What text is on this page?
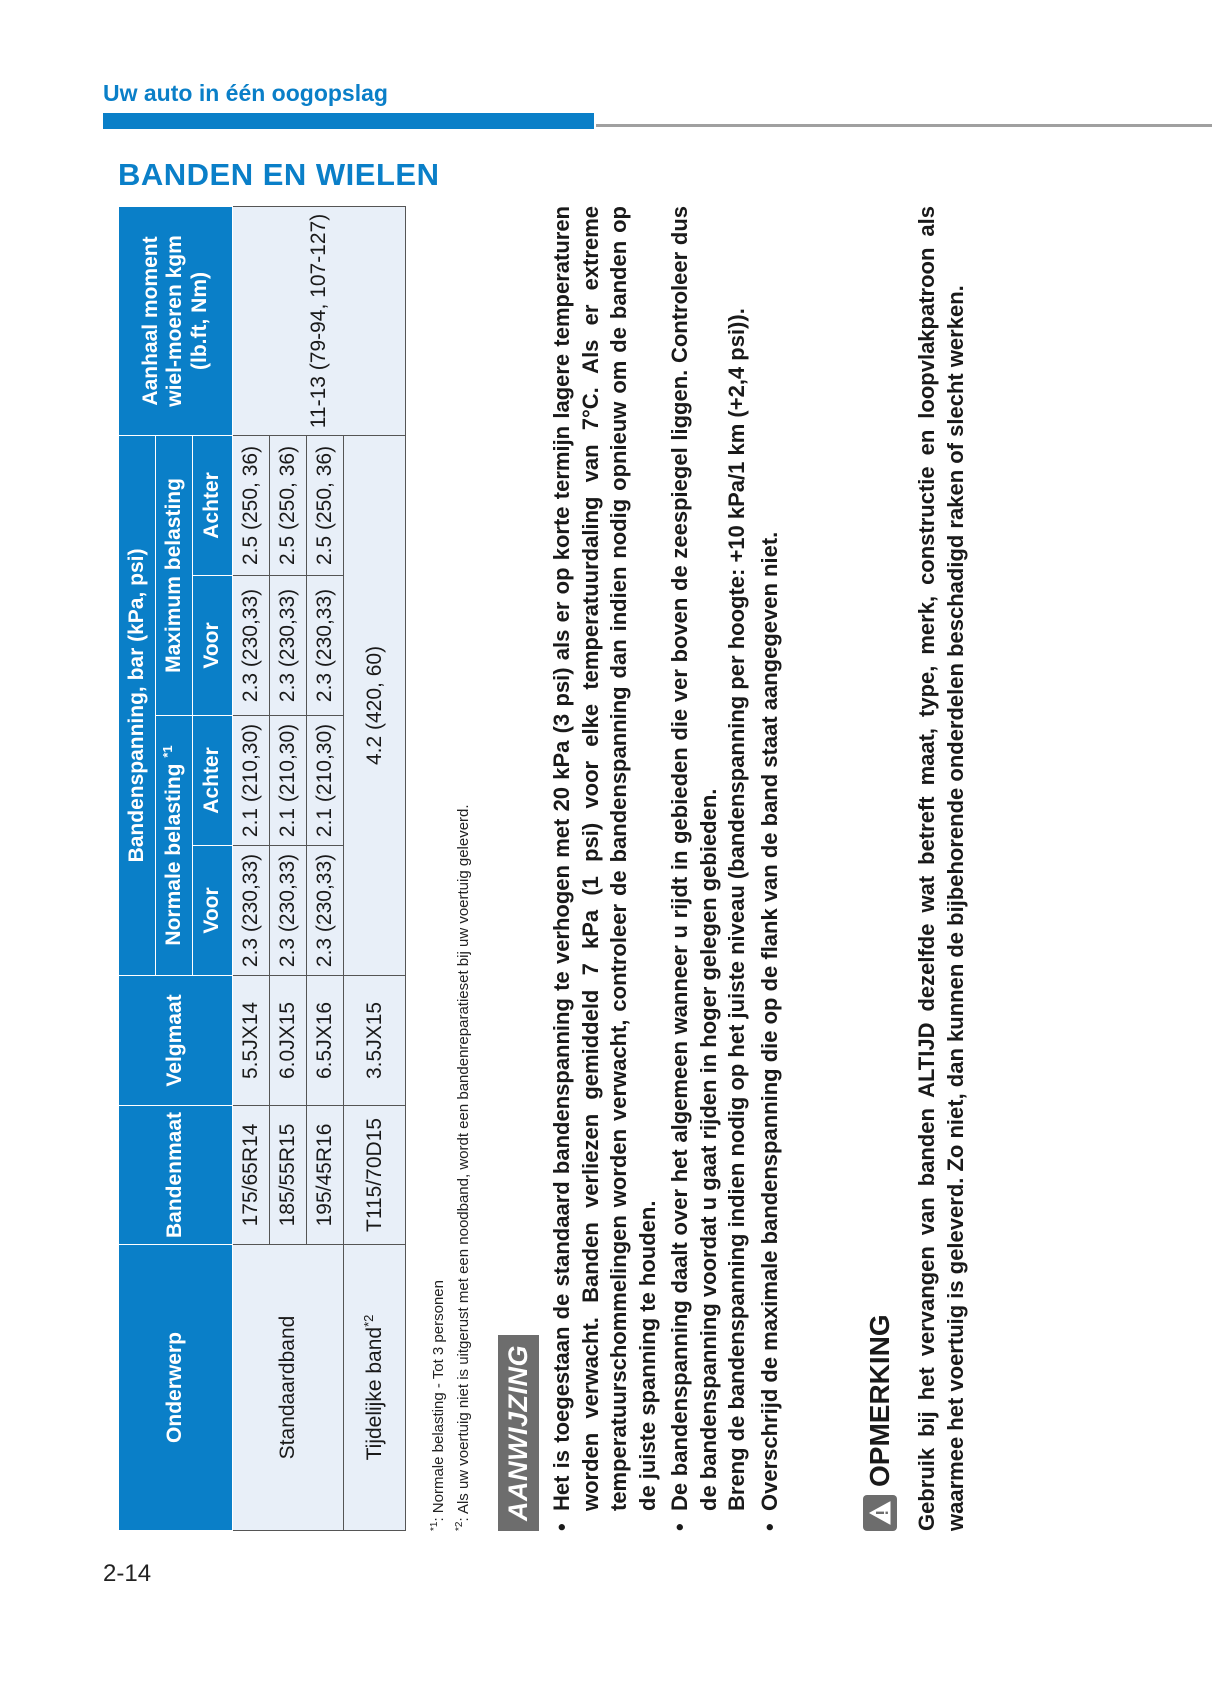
Uw auto in één oogopslag
BANDEN EN WIELEN
2-14
Onderwerp	Bandenmaat	Velgmaat	Bandenspanning, bar (kPa, psi)				Aanhaal moment wiel-moeren kgm (lb.ft, Nm)
			Normale belasting $^{*1}$		Maximum belasting		
			Voor	Achter	Voor	Achter	
Standaardband	175/65R14	5.5JX14	2.3 (230,33)	2.1 (210,30)	2.3 (230,33)	2.5 (250, 36)	11-13 (79-94, 107-127)
	185/55R15	6.0JX15	2.3 (230,33)	2.1 (210,30)	2.3 (230,33)	2.5 (250, 36)	
	195/45R16	6.5JX16	2.3 (230,33)	2.1 (210,30)	2.3 (230,33)	2.5 (250, 36)	
Tijdelijke band$^{*2}$	T115/70D15	3.5JX15	4.2 (420, 60)				
$^{*1}$: Normale belasting - Tot 3 personen
$^{*2}$: Als uw voertuig niet is uitgerust met een noodband, wordt een bandenreparatieset bij uw voertuig geleverd. AANWIJZING • Het is toegestaan de standaard bandenspanning te verhogen met 20 kPa (3 psi) als er op korte termijn lagere temperaturen worden verwacht. Banden verliezen gemiddeld 7 kPa (1 psi) voor elke temperatuurdaling van 7°C. Als er extreme temperatuurschommelingen worden verwacht, controleer de bandenspanning dan indien nodig opnieuw om de banden op de juiste spanning te houden. • De bandenspanning daalt over het algemeen wanneer u rijdt in gebieden die ver boven de zeespiegel liggen. Controleer dus de bandenspanning voordat u gaat rijden in hoger gelegen gebieden. Breng de bandenspanning indien nodig op het juiste niveau (bandenspanning per hoogte: +10 kPa/1 km (+2,4 psi)). • Overschrijd de maximale bandenspanning die op de flank van de band staat aangegeven niet.	OPMERKING Gebruik bij het vervangen van banden ALTIJD dezelfde wat betreft maat, type, merk, constructie en loopvlakpatroon als waarmee het voertuig is geleverd. Zo niet, dan kunnen de bijbehorende onderdelen beschadigd raken of slecht werken.
